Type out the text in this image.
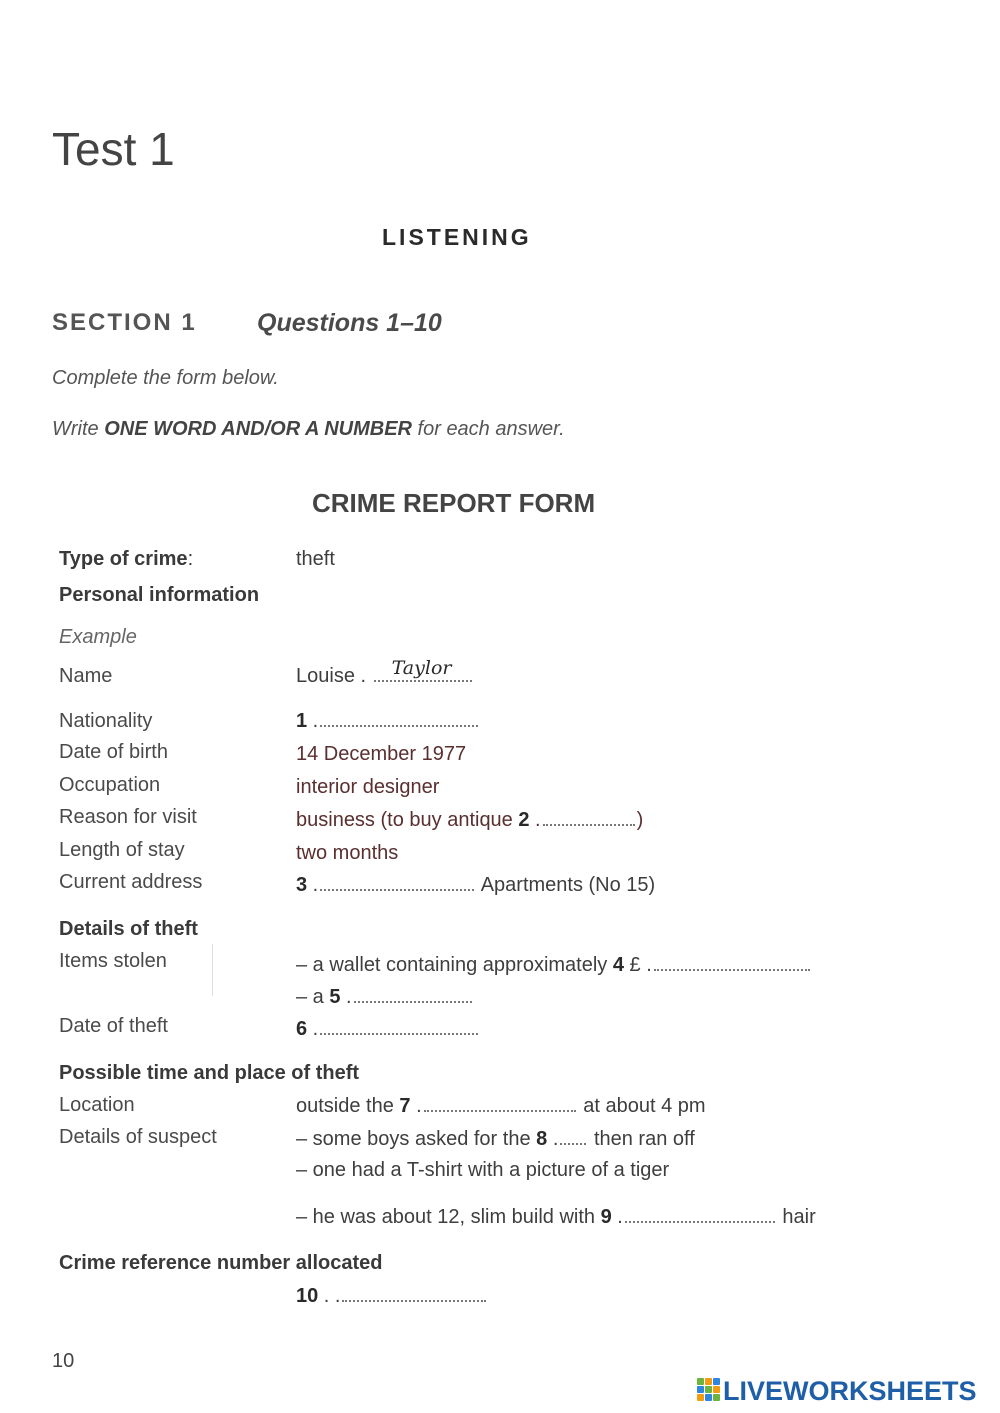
Test 1
LISTENING
SECTION 1 Questions 1–10
Complete the form below.
Write ONE WORD AND/OR A NUMBER for each answer.
CRIME REPORT FORM
Type of crime:	theft
Personal information
Example
Name	Louise . Taylor
Nationality	1 .
Date of birth	14 December 1977
Occupation	interior designer
Reason for visit	business (to buy antique 2 .	)
Length of stay	two months
Current address	3 .	Apartments (No 15)
Details of theft
Items stolen	– a wallet containing approximately 4 £ .
– a 5 .
Date of theft	6 .
Possible time and place of theft
Location	outside the 7 .	at about 4 pm
Details of suspect	– some boys asked for the 8 . then ran off
– one had a T-shirt with a picture of a tiger
– he was about 12, slim build with 9 .	hair
Crime reference number allocated
10 . .
10
LIVEWORKSHEETS
